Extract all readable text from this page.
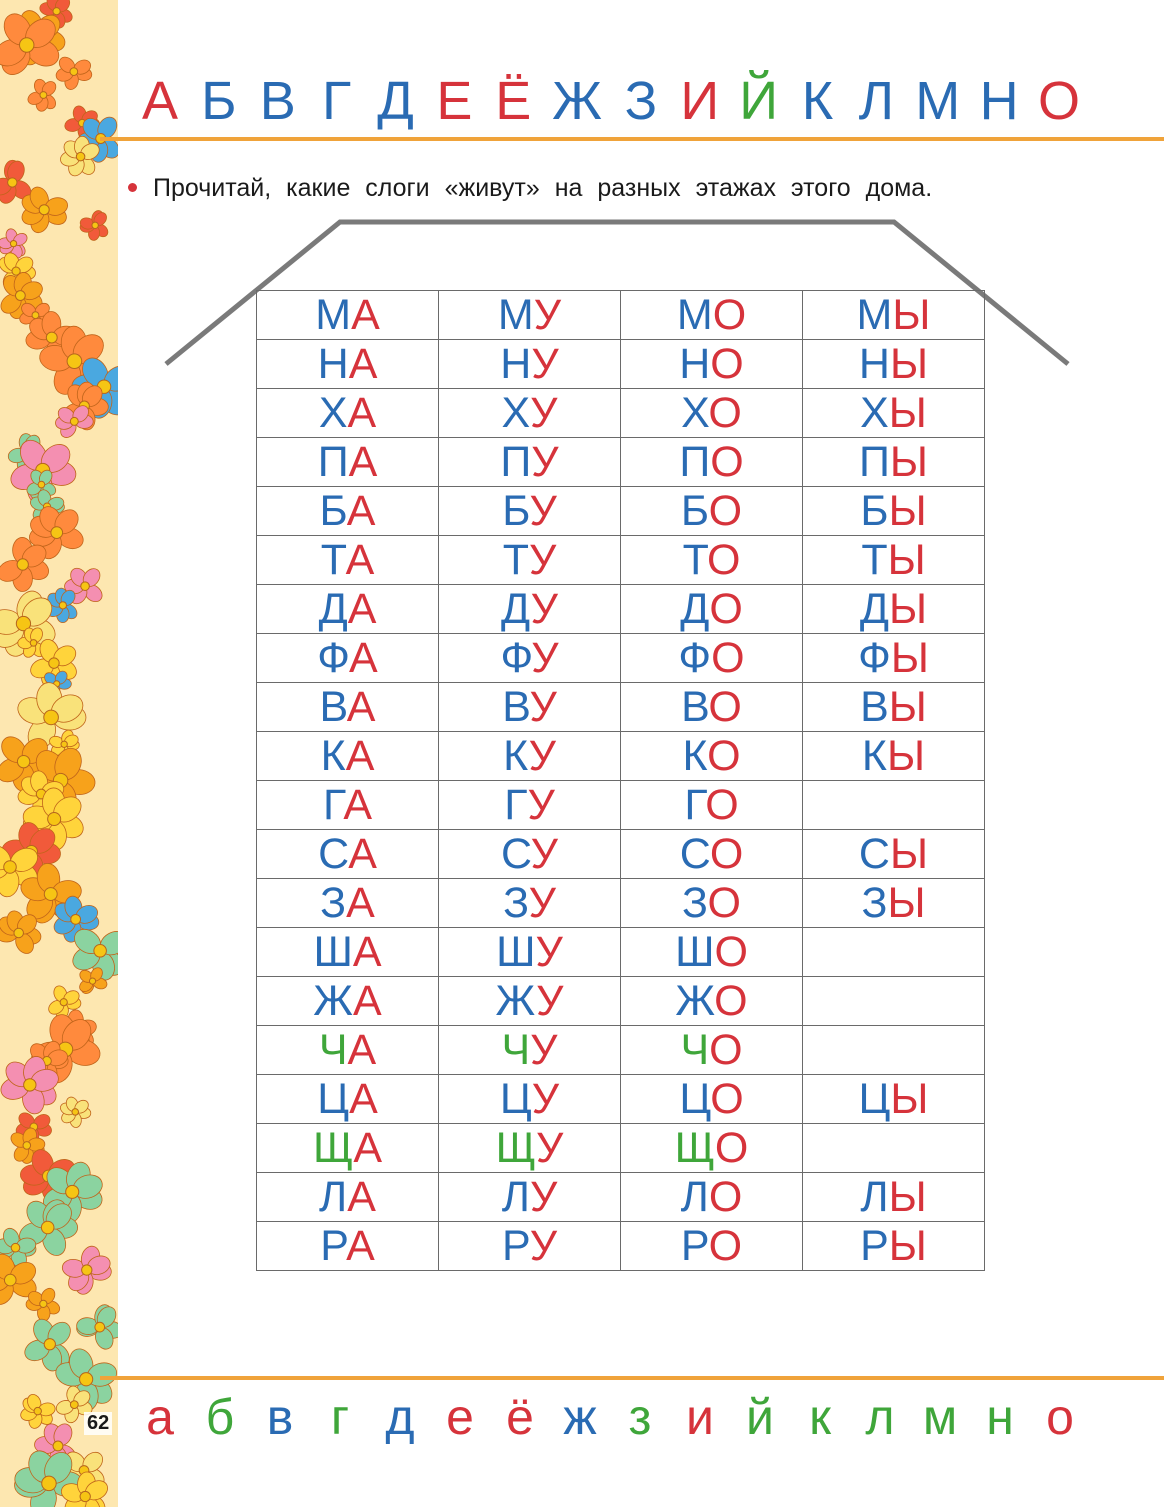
А Б В Г Д Е Ё Ж З И Й К Л М Н О
Прочитай, какие слоги «живут» на разных этажах этого дома.
МА	МУ	МО	МЫ
НА	НУ	НО	НЫ
ХА	ХУ	ХО	ХЫ
ПА	ПУ	ПО	ПЫ
БА	БУ	БО	БЫ
ТА	ТУ	ТО	ТЫ
ДА	ДУ	ДО	ДЫ
ФА	ФУ	ФО	ФЫ
ВА	ВУ	ВО	ВЫ
КА	КУ	КО	КЫ
ГА	ГУ	ГО	
СА	СУ	СО	СЫ
ЗА	ЗУ	ЗО	ЗЫ
ША	ШУ	ШО	
ЖА	ЖУ	ЖО	
ЧА	ЧУ	ЧО	
ЦА	ЦУ	ЦО	ЦЫ
ЩА	ЩУ	ЩО	
ЛА	ЛУ	ЛО	ЛЫ
РА	РУ	РО	РЫ
а б в г д е ё ж з и й к л м н о
62
